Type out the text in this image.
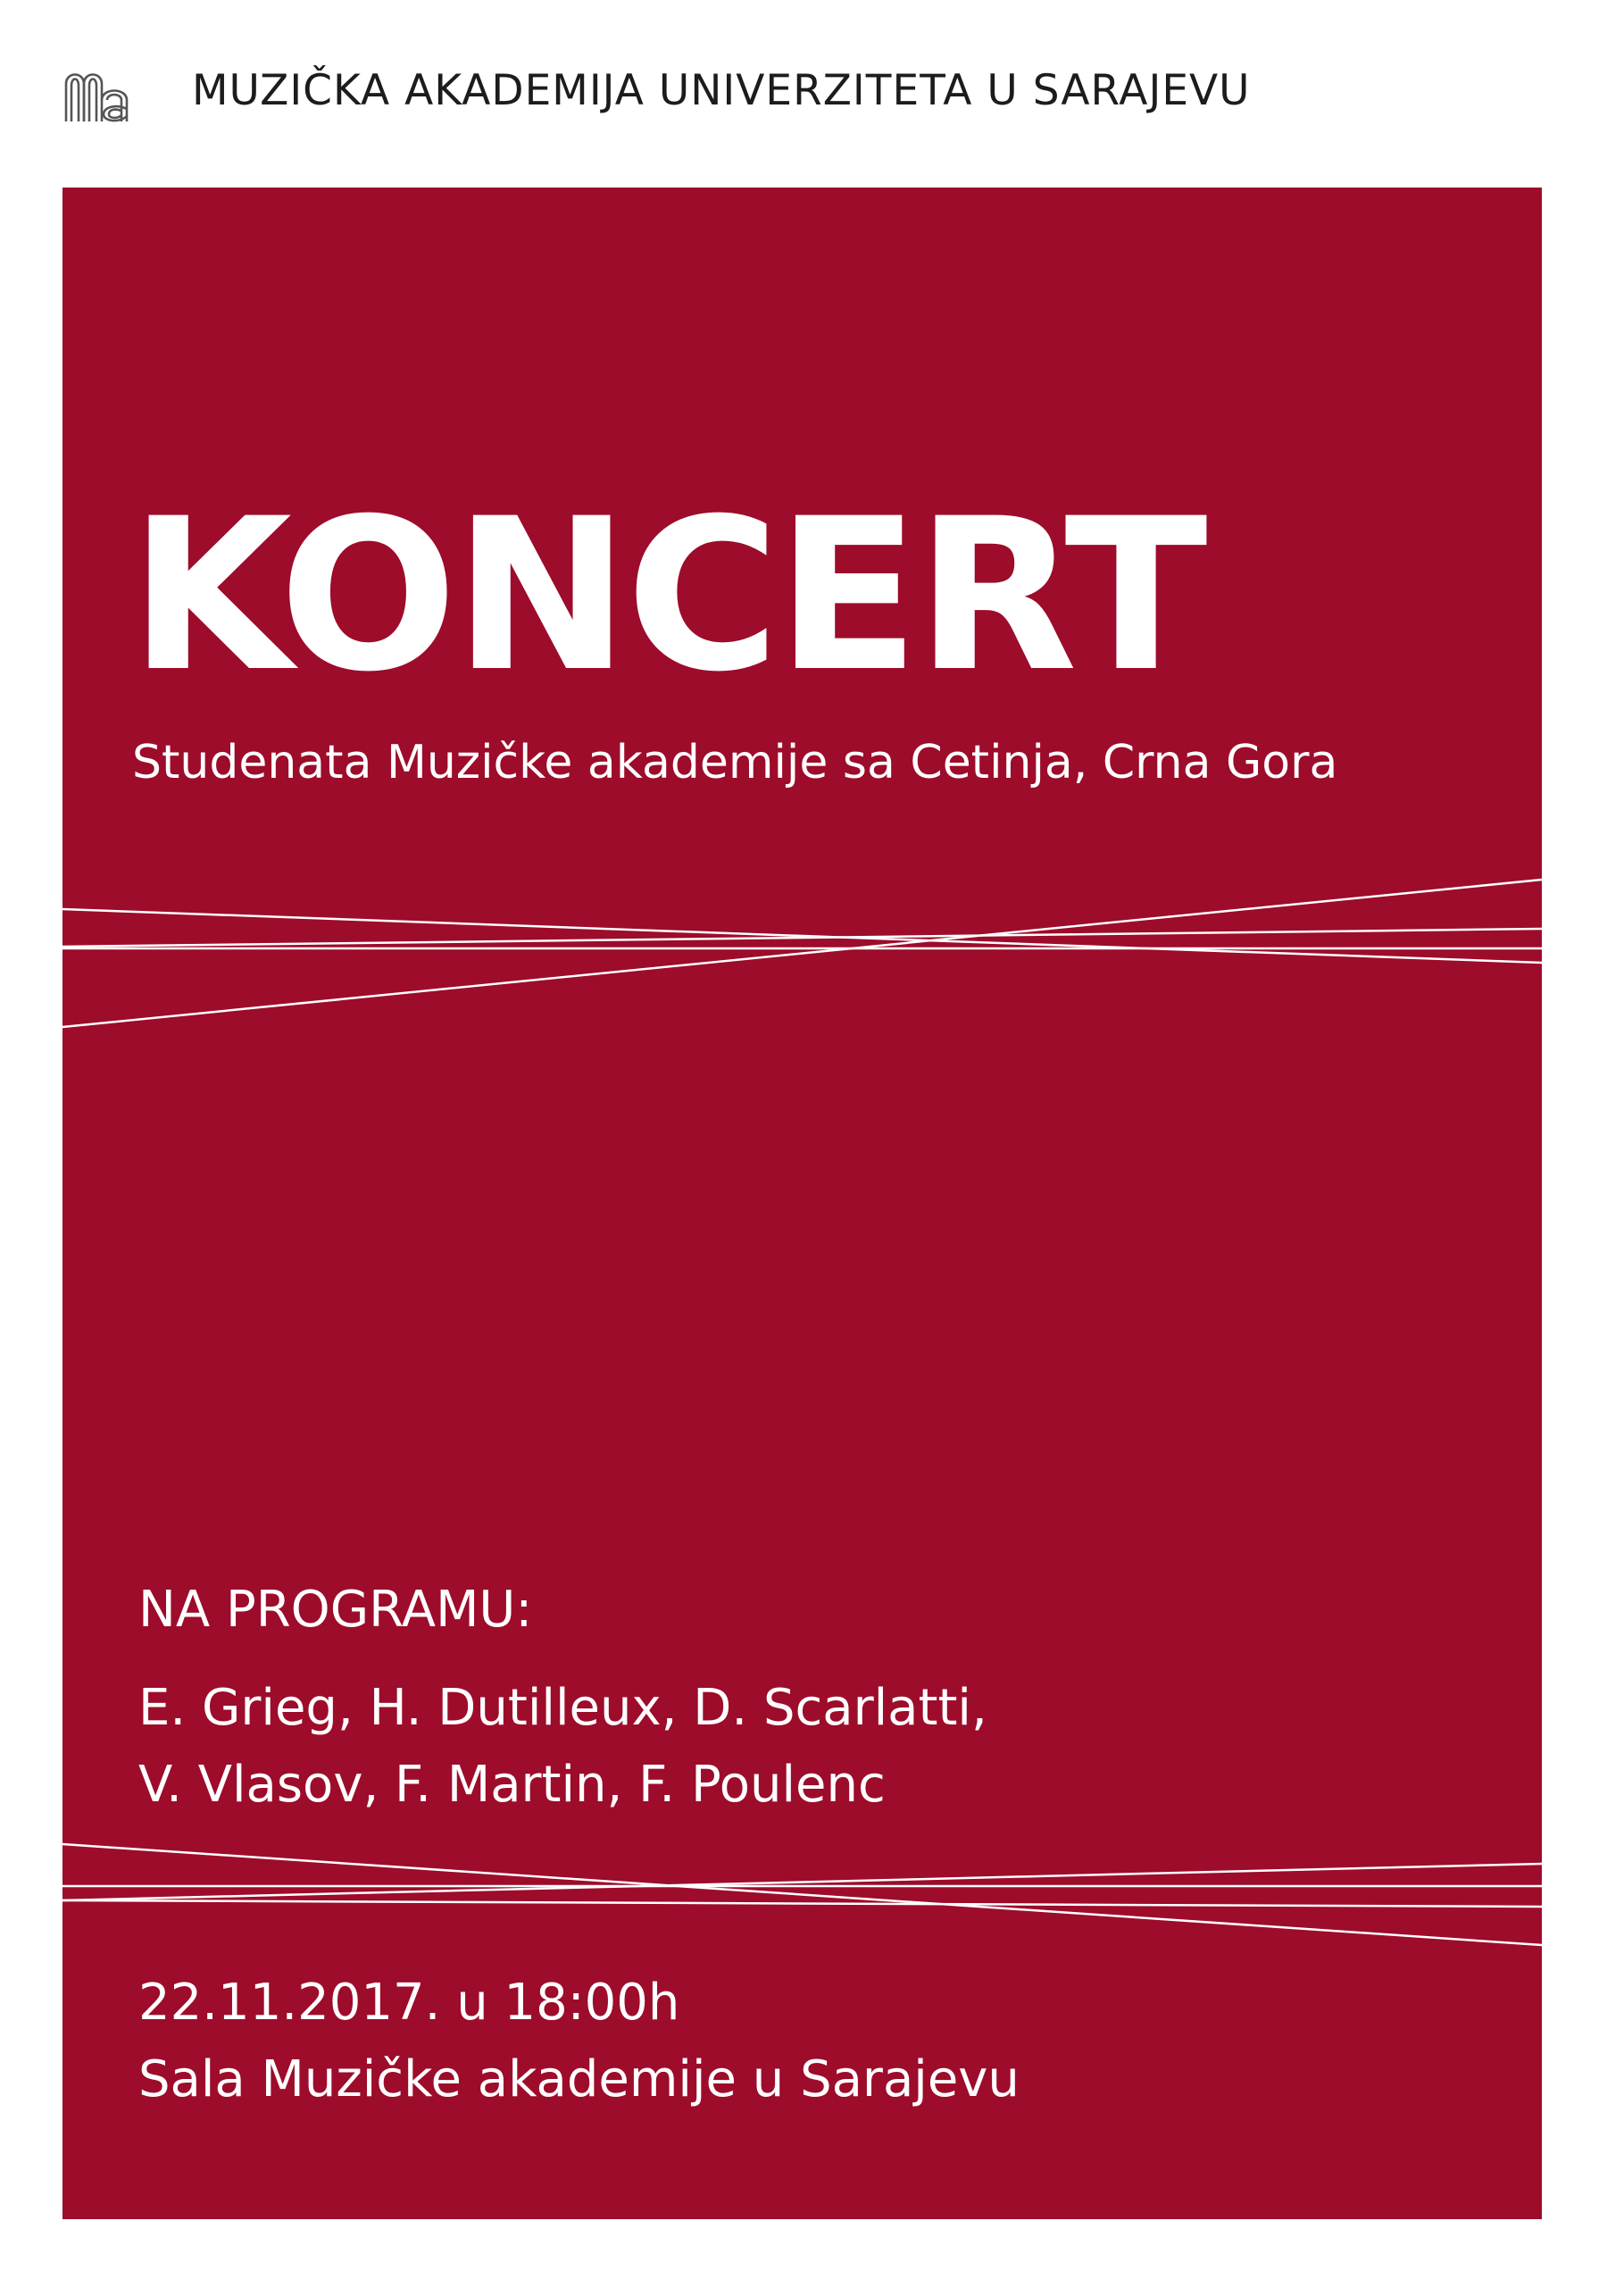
MUZIČKA AKADEMIJA UNIVERZITETA U SARAJEVU
KONCERT
Studenata Muzičke akademije sa Cetinja, Crna Gora
NA PROGRAMU:
E. Grieg, H. Dutilleux, D. Scarlatti,
V. Vlasov, F. Martin, F. Poulenc
22.11.2017. u 18:00h
Sala Muzičke akademije u Sarajevu
